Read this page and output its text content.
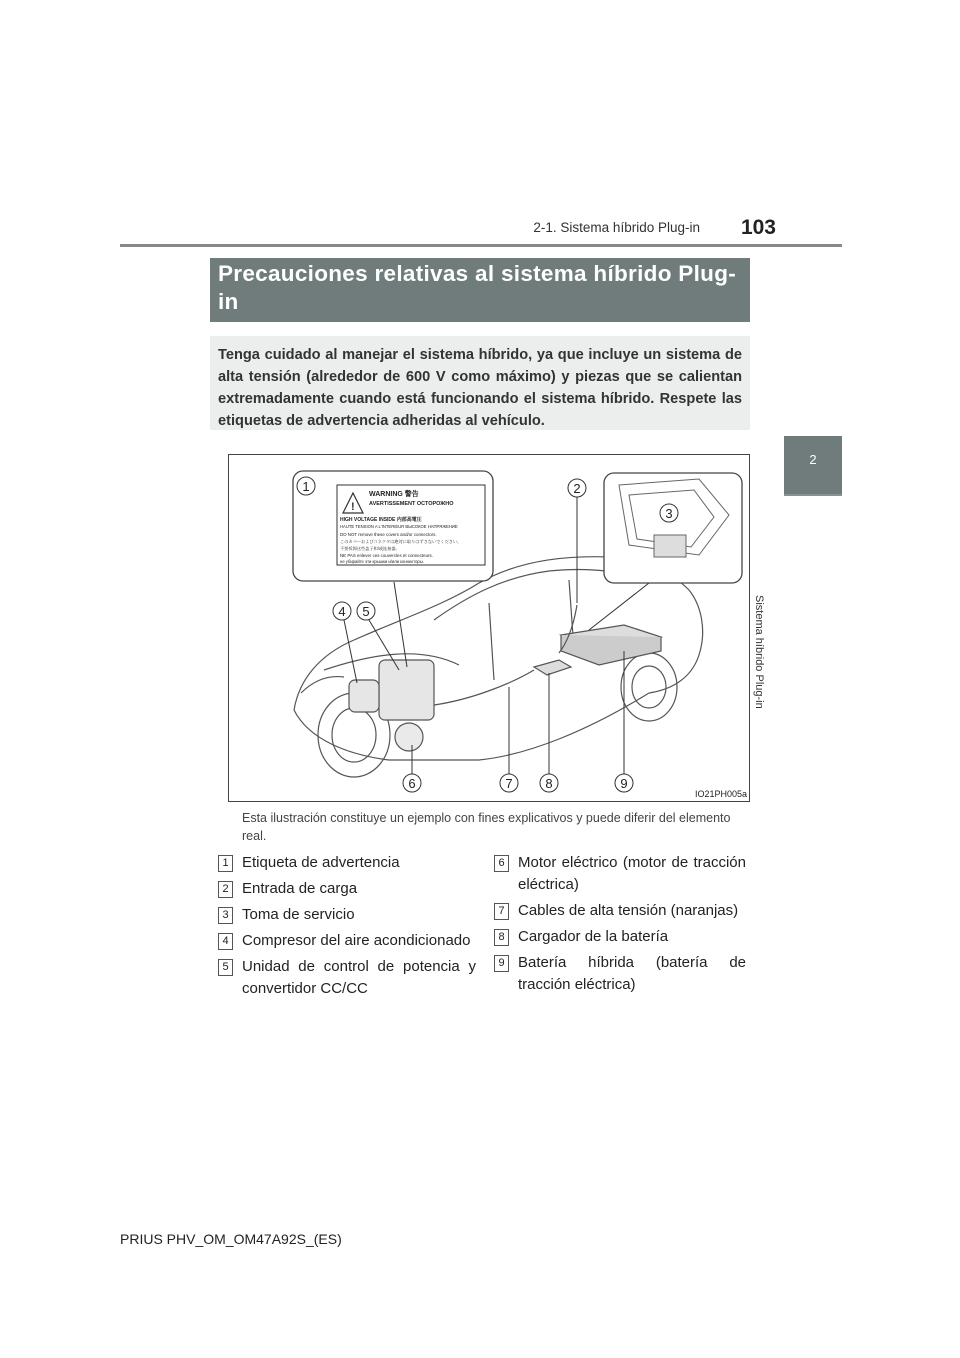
103
2-1. Sistema híbrido Plug-in
2
Sistema híbrido Plug-in
Precauciones relativas al sistema híbrido Plug-in
Tenga cuidado al manejar el sistema híbrido, ya que incluye un sistema de alta tensión (alrededor de 600 V como máximo) y piezas que se calientan extremadamente cuando está funcionando el sistema híbrido. Respete las etiquetas de advertencia adheridas al vehículo.
!
WARNING 警告
AVERTISSEMENT ОСТОРОЖНО
HIGH VOLTAGE INSIDE 内部高電圧
HAUTE TENSION A L'INTERIEUR ВЫСОКОЕ НАПРЯЖЕНИЕ
DO NOT remove these covers and/or connectors.
このカバーおよびコネクタは絶対に取りはずさないでください。
不要拆卸这些盖子和/或连接器。
NE PAS enlever ces couvercles et connecteurs.
не убирайте эти крышки и/или коннекторы.
1	2
3
4 5
6	7	8	9
IO21PH005a
Esta ilustración constituye un ejemplo con fines explicativos y puede diferir del elemento real.
1 Etiqueta de advertencia
2 Entrada de carga
3 Toma de servicio
4 Compresor del aire acondicionado
5 Unidad de control de potencia y convertidor CC/CC
6 Motor eléctrico (motor de tracción eléctrica)
7 Cables de alta tensión (naranjas)
8 Cargador de la batería
9 Batería híbrida (batería de tracción eléctrica)
PRIUS PHV_OM_OM47A92S_(ES)
